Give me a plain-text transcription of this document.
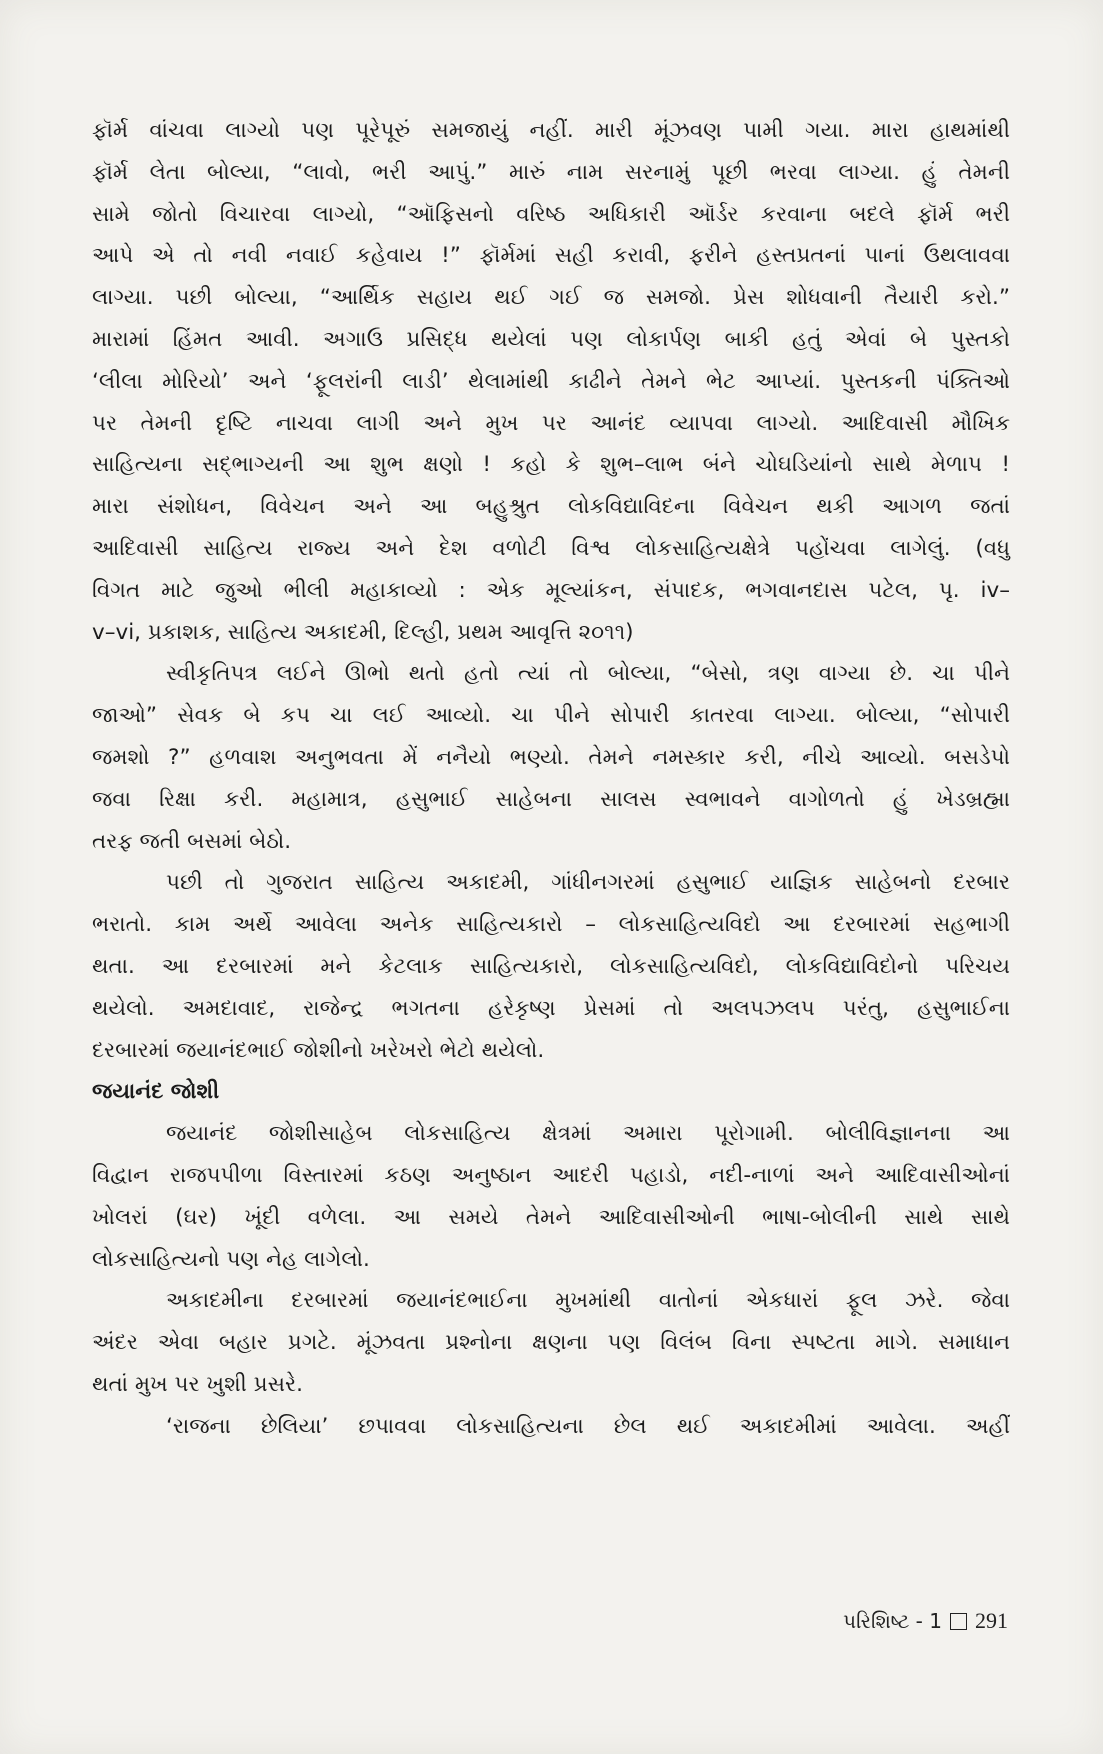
ફૉર્મ વાંચવા લાગ્યો પણ પૂરેપૂરું સમજાયું નહીં. મારી મૂંઝવણ પામી ગયા. મારા હાથમાંથી
ફૉર્મ લેતા બોલ્યા, “લાવો, ભરી આપું.” મારું નામ સરનામું પૂછી ભરવા લાગ્યા. હું તેમની
સામે જોતો વિચારવા લાગ્યો, “ઑફિસનો વરિષ્ઠ અધિકારી ઑર્ડર કરવાના બદલે ફૉર્મ ભરી
આપે એ તો નવી નવાઈ કહેવાય !” ફૉર્મમાં સહી કરાવી, ફરીને હસ્તપ્રતનાં પાનાં ઉથલાવવા
લાગ્યા. પછી બોલ્યા, “આર્થિક સહાય થઈ ગઈ જ સમજો. પ્રેસ શોધવાની તૈયારી કરો.”
મારામાં હિંમત આવી. અગાઉ પ્રસિદ્ધ થયેલાં પણ લોકાર્પણ બાકી હતું એવાં બે પુસ્તકો
‘લીલા મોરિયો’ અને ‘ફૂલરાંની લાડી’ થેલામાંથી કાઢીને તેમને ભેટ આપ્યાં. પુસ્તકની પંક્તિઓ
પર તેમની દૃષ્ટિ નાચવા લાગી અને મુખ પર આનંદ વ્યાપવા લાગ્યો. આદિવાસી મૌખિક
સાહિત્યના સદ્‌ભાગ્યની આ શુભ ક્ષણો ! કહો કે શુભ–લાભ બંને ચોઘડિયાંનો સાથે મેળાપ !
મારા સંશોધન, વિવેચન અને આ બહુશ્રુત લોકવિદ્યાવિદના વિવેચન થકી આગળ જતાં
આદિવાસી સાહિત્ય રાજ્ય અને દેશ વળોટી વિશ્વ લોકસાહિત્યક્ષેત્રે પહોંચવા લાગેલું. (વધુ
વિગત માટે જુઓ ભીલી મહાકાવ્યો : એક મૂલ્યાંકન, સંપાદક, ભગવાનદાસ પટેલ, પૃ. iv–
v–vi, પ્રકાશક, સાહિત્ય અકાદમી, દિલ્હી, પ્રથમ આવૃત્તિ ૨૦૧૧)
સ્વીકૃતિપત્ર લઈને ઊભો થતો હતો ત્યાં તો બોલ્યા, “બેસો, ત્રણ વાગ્યા છે. ચા પીને
જાઓ” સેવક બે કપ ચા લઈ આવ્યો. ચા પીને સોપારી કાતરવા લાગ્યા. બોલ્યા, “સોપારી
જમશો ?” હળવાશ અનુભવતા મેં નનૈયો ભણ્યો. તેમને નમસ્કાર કરી, નીચે આવ્યો. બસડેપો
જવા રિક્ષા કરી. મહામાત્ર, હસુભાઈ સાહેબના સાલસ સ્વભાવને વાગોળતો હું ખેડબ્રહ્મા
તરફ જતી બસમાં બેઠો.
પછી તો ગુજરાત સાહિત્ય અકાદમી, ગાંધીનગરમાં હસુભાઈ યાજ્ઞિક સાહેબનો દરબાર
ભરાતો. કામ અર્થે આવેલા અનેક સાહિત્યકારો – લોકસાહિત્યવિદો આ દરબારમાં સહભાગી
થતા. આ દરબારમાં મને કેટલાક સાહિત્યકારો, લોકસાહિત્યવિદો, લોકવિદ્યાવિદોનો પરિચય
થયેલો. અમદાવાદ, રાજેન્દ્ર ભગતના હરેકૃષ્ણ પ્રેસમાં તો અલપઝલપ પરંતુ, હસુભાઈના
દરબારમાં જયાનંદભાઈ જોશીનો ખરેખરો ભેટો થયેલો.
જયાનંદ જોશી
જયાનંદ જોશીસાહેબ લોકસાહિત્ય ક્ષેત્રમાં અમારા પૂરોગામી. બોલીવિજ્ઞાનના આ
વિદ્વાન રાજપપીળા વિસ્તારમાં કઠણ અનુષ્ઠાન આદરી પહાડો, નદી-નાળાં અને આદિવાસીઓનાં
ખોલરાં (ઘર) ખૂંદી વળેલા. આ સમયે તેમને આદિવાસીઓની ભાષા-બોલીની સાથે સાથે
લોકસાહિત્યનો પણ નેહ લાગેલો.
અકાદમીના દરબારમાં જયાનંદભાઈના મુખમાંથી વાતોનાં એકધારાં ફૂલ ઝરે. જેવા
અંદર એવા બહાર પ્રગટે. મૂંઝવતા પ્રશ્નોના ક્ષણના પણ વિલંબ વિના સ્પષ્ટતા માગે. સમાધાન
થતાં મુખ પર ખુશી પ્રસરે.
‘રાજના છેલિયા’ છપાવવા લોકસાહિત્યના છેલ થઈ અકાદમીમાં આવેલા. અહીં
પરિશિષ્ટ - 1 291
